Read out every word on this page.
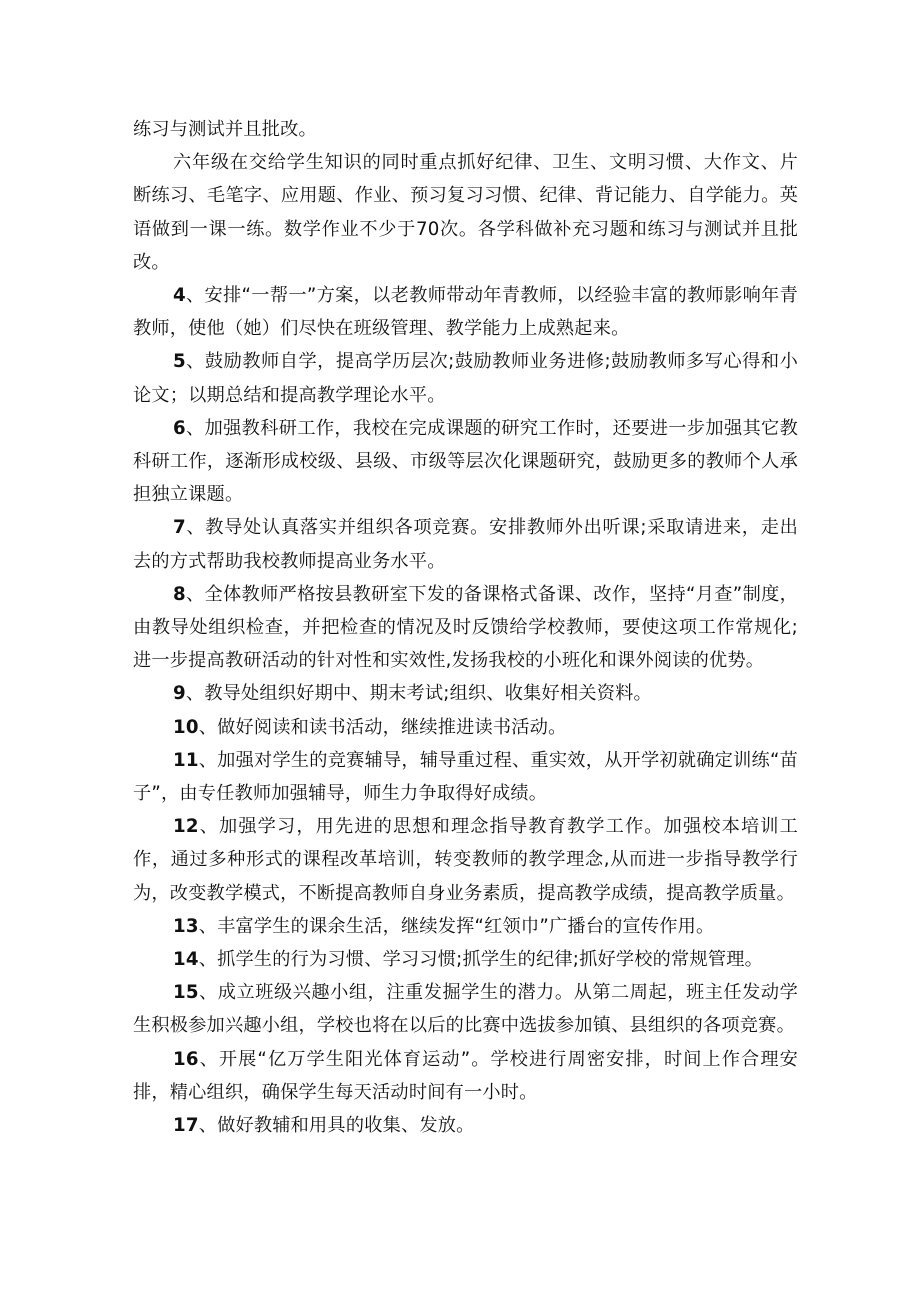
练习与测试并且批改。

六年级在交给学生知识的同时重点抓好纪律、卫生、文明习惯、大作文、片断练习、毛笔字、应用题、作业、预习复习习惯、纪律、背记能力、自学能力。英语做到一课一练。数学作业不少于70次。各学科做补充习题和练习与测试并且批改。

4、安排“一帮一”方案，以老教师带动年青教师，以经验丰富的教师影响年青教师，使他（她）们尽快在班级管理、教学能力上成熟起来。

5、鼓励教师自学，提高学历层次;鼓励教师业务进修;鼓励教师多写心得和小论文；以期总结和提高教学理论水平。

6、加强教科研工作，我校在完成课题的研究工作时，还要进一步加强其它教科研工作，逐渐形成校级、县级、市级等层次化课题研究，鼓励更多的教师个人承担独立课题。

7、教导处认真落实并组织各项竞赛。安排教师外出听课;采取请进来，走出去的方式帮助我校教师提高业务水平。

8、全体教师严格按县教研室下发的备课格式备课、改作，坚持“月查”制度，由教导处组织检查，并把检查的情况及时反馈给学校教师，要使这项工作常规化;进一步提高教研活动的针对性和实效性,发扬我校的小班化和课外阅读的优势。

9、教导处组织好期中、期末考试;组织、收集好相关资料。

10、做好阅读和读书活动，继续推进读书活动。

11、加强对学生的竞赛辅导，辅导重过程、重实效，从开学初就确定训练“苗子”，由专任教师加强辅导，师生力争取得好成绩。

12、加强学习，用先进的思想和理念指导教育教学工作。加强校本培训工作，通过多种形式的课程改革培训，转变教师的教学理念,从而进一步指导教学行为，改变教学模式，不断提高教师自身业务素质，提高教学成绩，提高教学质量。

13、丰富学生的课余生活，继续发挥“红领巾”广播台的宣传作用。

14、抓学生的行为习惯、学习习惯;抓学生的纪律;抓好学校的常规管理。

15、成立班级兴趣小组，注重发掘学生的潜力。从第二周起，班主任发动学生积极参加兴趣小组，学校也将在以后的比赛中选拔参加镇、县组织的各项竞赛。

16、开展“亿万学生阳光体育运动”。学校进行周密安排，时间上作合理安排，精心组织，确保学生每天活动时间有一小时。

17、做好教辅和用具的收集、发放。
